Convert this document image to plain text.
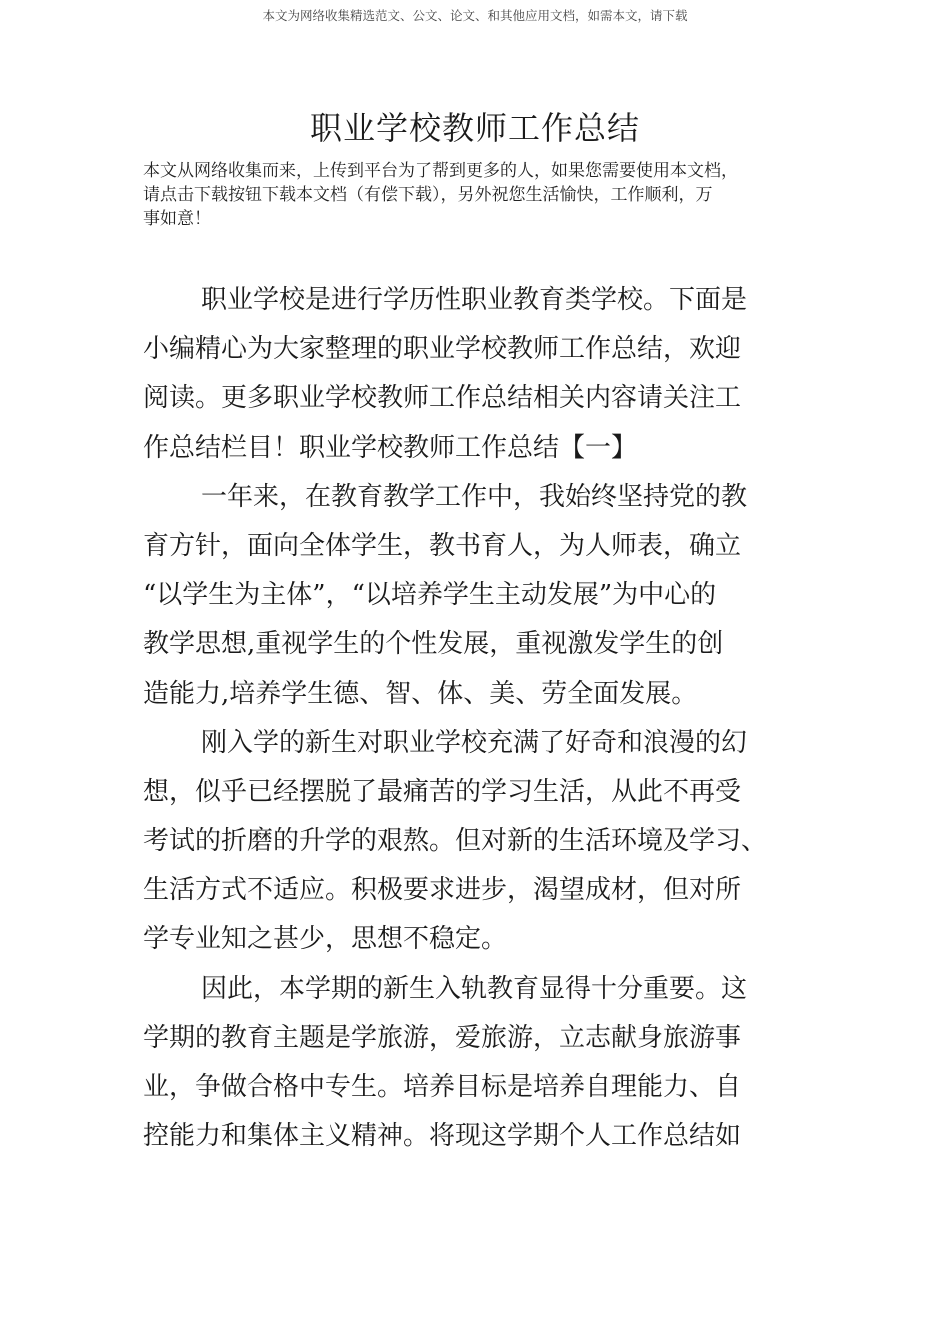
本文为网络收集精选范文、公文、论文、和其他应用文档，如需本文，请下载
职业学校教师工作总结
本文从网络收集而来，上传到平台为了帮到更多的人，如果您需要使用本文档，
请点击下载按钮下载本文档（有偿下载），另外祝您生活愉快，工作顺利，万
事如意！
职业学校是进行学历性职业教育类学校。下面是
小编精心为大家整理的职业学校教师工作总结，欢迎
阅读。更多职业学校教师工作总结相关内容请关注工
作总结栏目！职业学校教师工作总结【一】
一年来，在教育教学工作中，我始终坚持党的教
育方针，面向全体学生，教书育人，为人师表，确立
“以学生为主体”，“以培养学生主动发展”为中心的
教学思想,重视学生的个性发展，重视激发学生的创
造能力,培养学生德、智、体、美、劳全面发展。
刚入学的新生对职业学校充满了好奇和浪漫的幻
想，似乎已经摆脱了最痛苦的学习生活，从此不再受
考试的折磨的升学的艰熬。但对新的生活环境及学习、
生活方式不适应。积极要求进步，渴望成材，但对所
学专业知之甚少，思想不稳定。
因此，本学期的新生入轨教育显得十分重要。这
学期的教育主题是学旅游，爱旅游，立志献身旅游事
业，争做合格中专生。培养目标是培养自理能力、自
控能力和集体主义精神。将现这学期个人工作总结如
